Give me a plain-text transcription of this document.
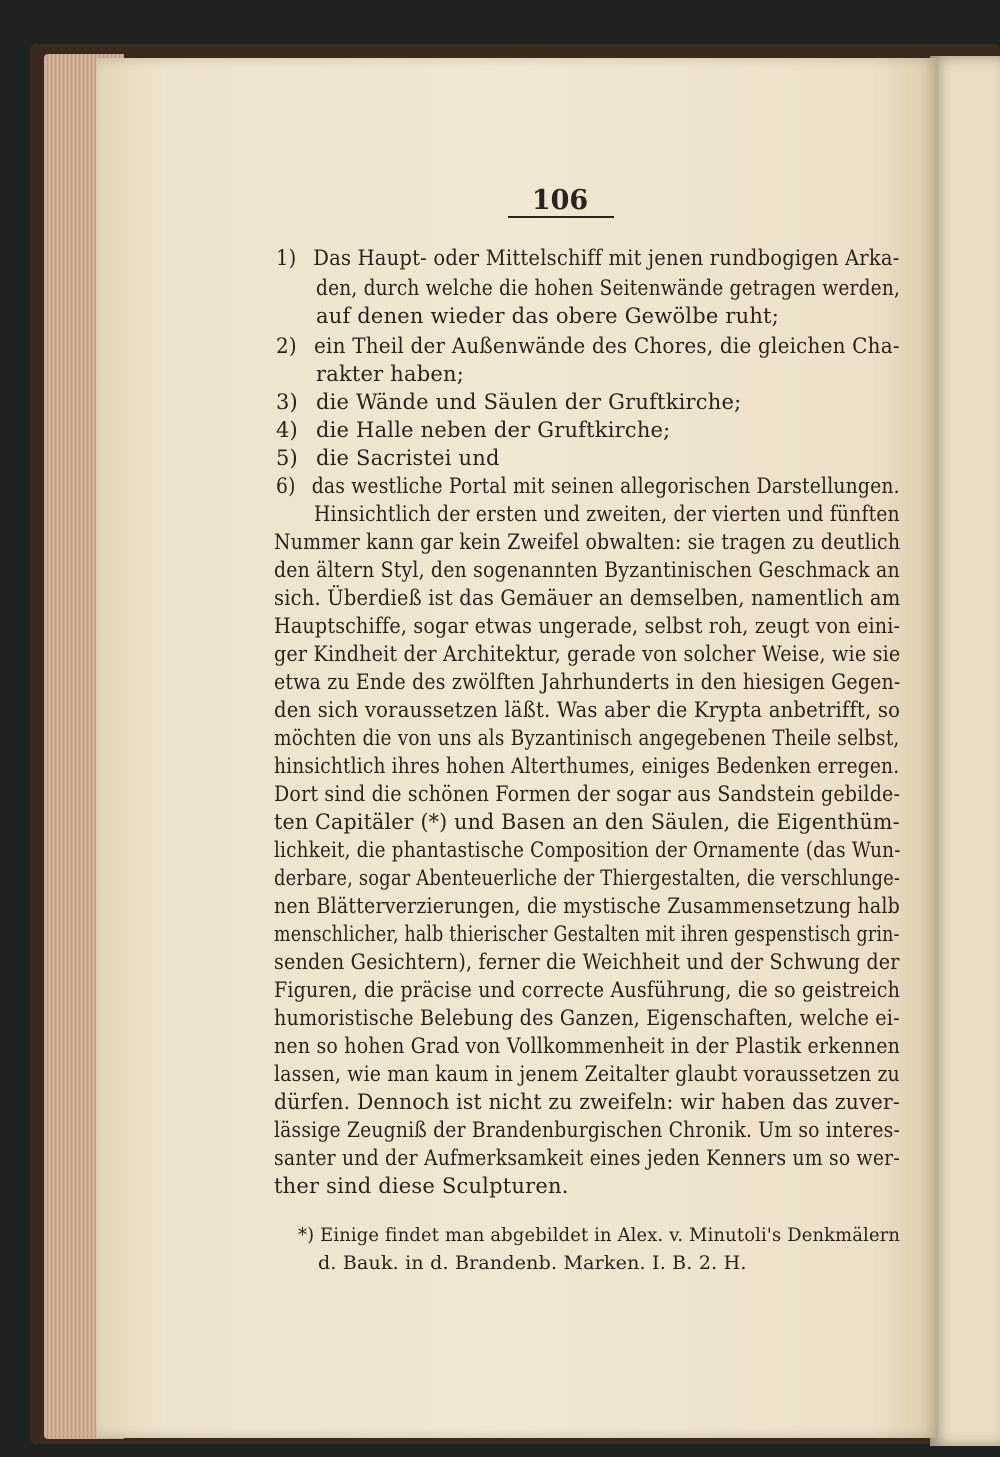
106
1) Das Haupt- oder Mittelschiff mit jenen rundbogigen Arka-
den, durch welche die hohen Seitenwände getragen werden,
auf denen wieder das obere Gewölbe ruht;
2) ein Theil der Außenwände des Chores, die gleichen Cha-
rakter haben;
3) die Wände und Säulen der Gruftkirche;
4) die Halle neben der Gruftkirche;
5) die Sacristei und
6) das westliche Portal mit seinen allegorischen Darstellungen.
Hinsichtlich der ersten und zweiten, der vierten und fünften
Nummer kann gar kein Zweifel obwalten: sie tragen zu deutlich
den ältern Styl, den sogenannten Byzantinischen Geschmack an
sich. Überdieß ist das Gemäuer an demselben, namentlich am
Hauptschiffe, sogar etwas ungerade, selbst roh, zeugt von eini-
ger Kindheit der Architektur, gerade von solcher Weise, wie sie
etwa zu Ende des zwölften Jahrhunderts in den hiesigen Gegen-
den sich voraussetzen läßt. Was aber die Krypta anbetrifft, so
möchten die von uns als Byzantinisch angegebenen Theile selbst,
hinsichtlich ihres hohen Alterthumes, einiges Bedenken erregen.
Dort sind die schönen Formen der sogar aus Sandstein gebilde-
ten Capitäler (*) und Basen an den Säulen, die Eigenthüm-
lichkeit, die phantastische Composition der Ornamente (das Wun-
derbare, sogar Abenteuerliche der Thiergestalten, die verschlunge-
nen Blätterverzierungen, die mystische Zusammensetzung halb
menschlicher, halb thierischer Gestalten mit ihren gespenstisch grin-
senden Gesichtern), ferner die Weichheit und der Schwung der
Figuren, die präcise und correcte Ausführung, die so geistreich
humoristische Belebung des Ganzen, Eigenschaften, welche ei-
nen so hohen Grad von Vollkommenheit in der Plastik erkennen
lassen, wie man kaum in jenem Zeitalter glaubt voraussetzen zu
dürfen. Dennoch ist nicht zu zweifeln: wir haben das zuver-
lässige Zeugniß der Brandenburgischen Chronik. Um so interes-
santer und der Aufmerksamkeit eines jeden Kenners um so wer-
ther sind diese Sculpturen.
*) Einige findet man abgebildet in Alex. v. Minutoli's Denkmälern
d. Bauk. in d. Brandenb. Marken. I. B. 2. H.
